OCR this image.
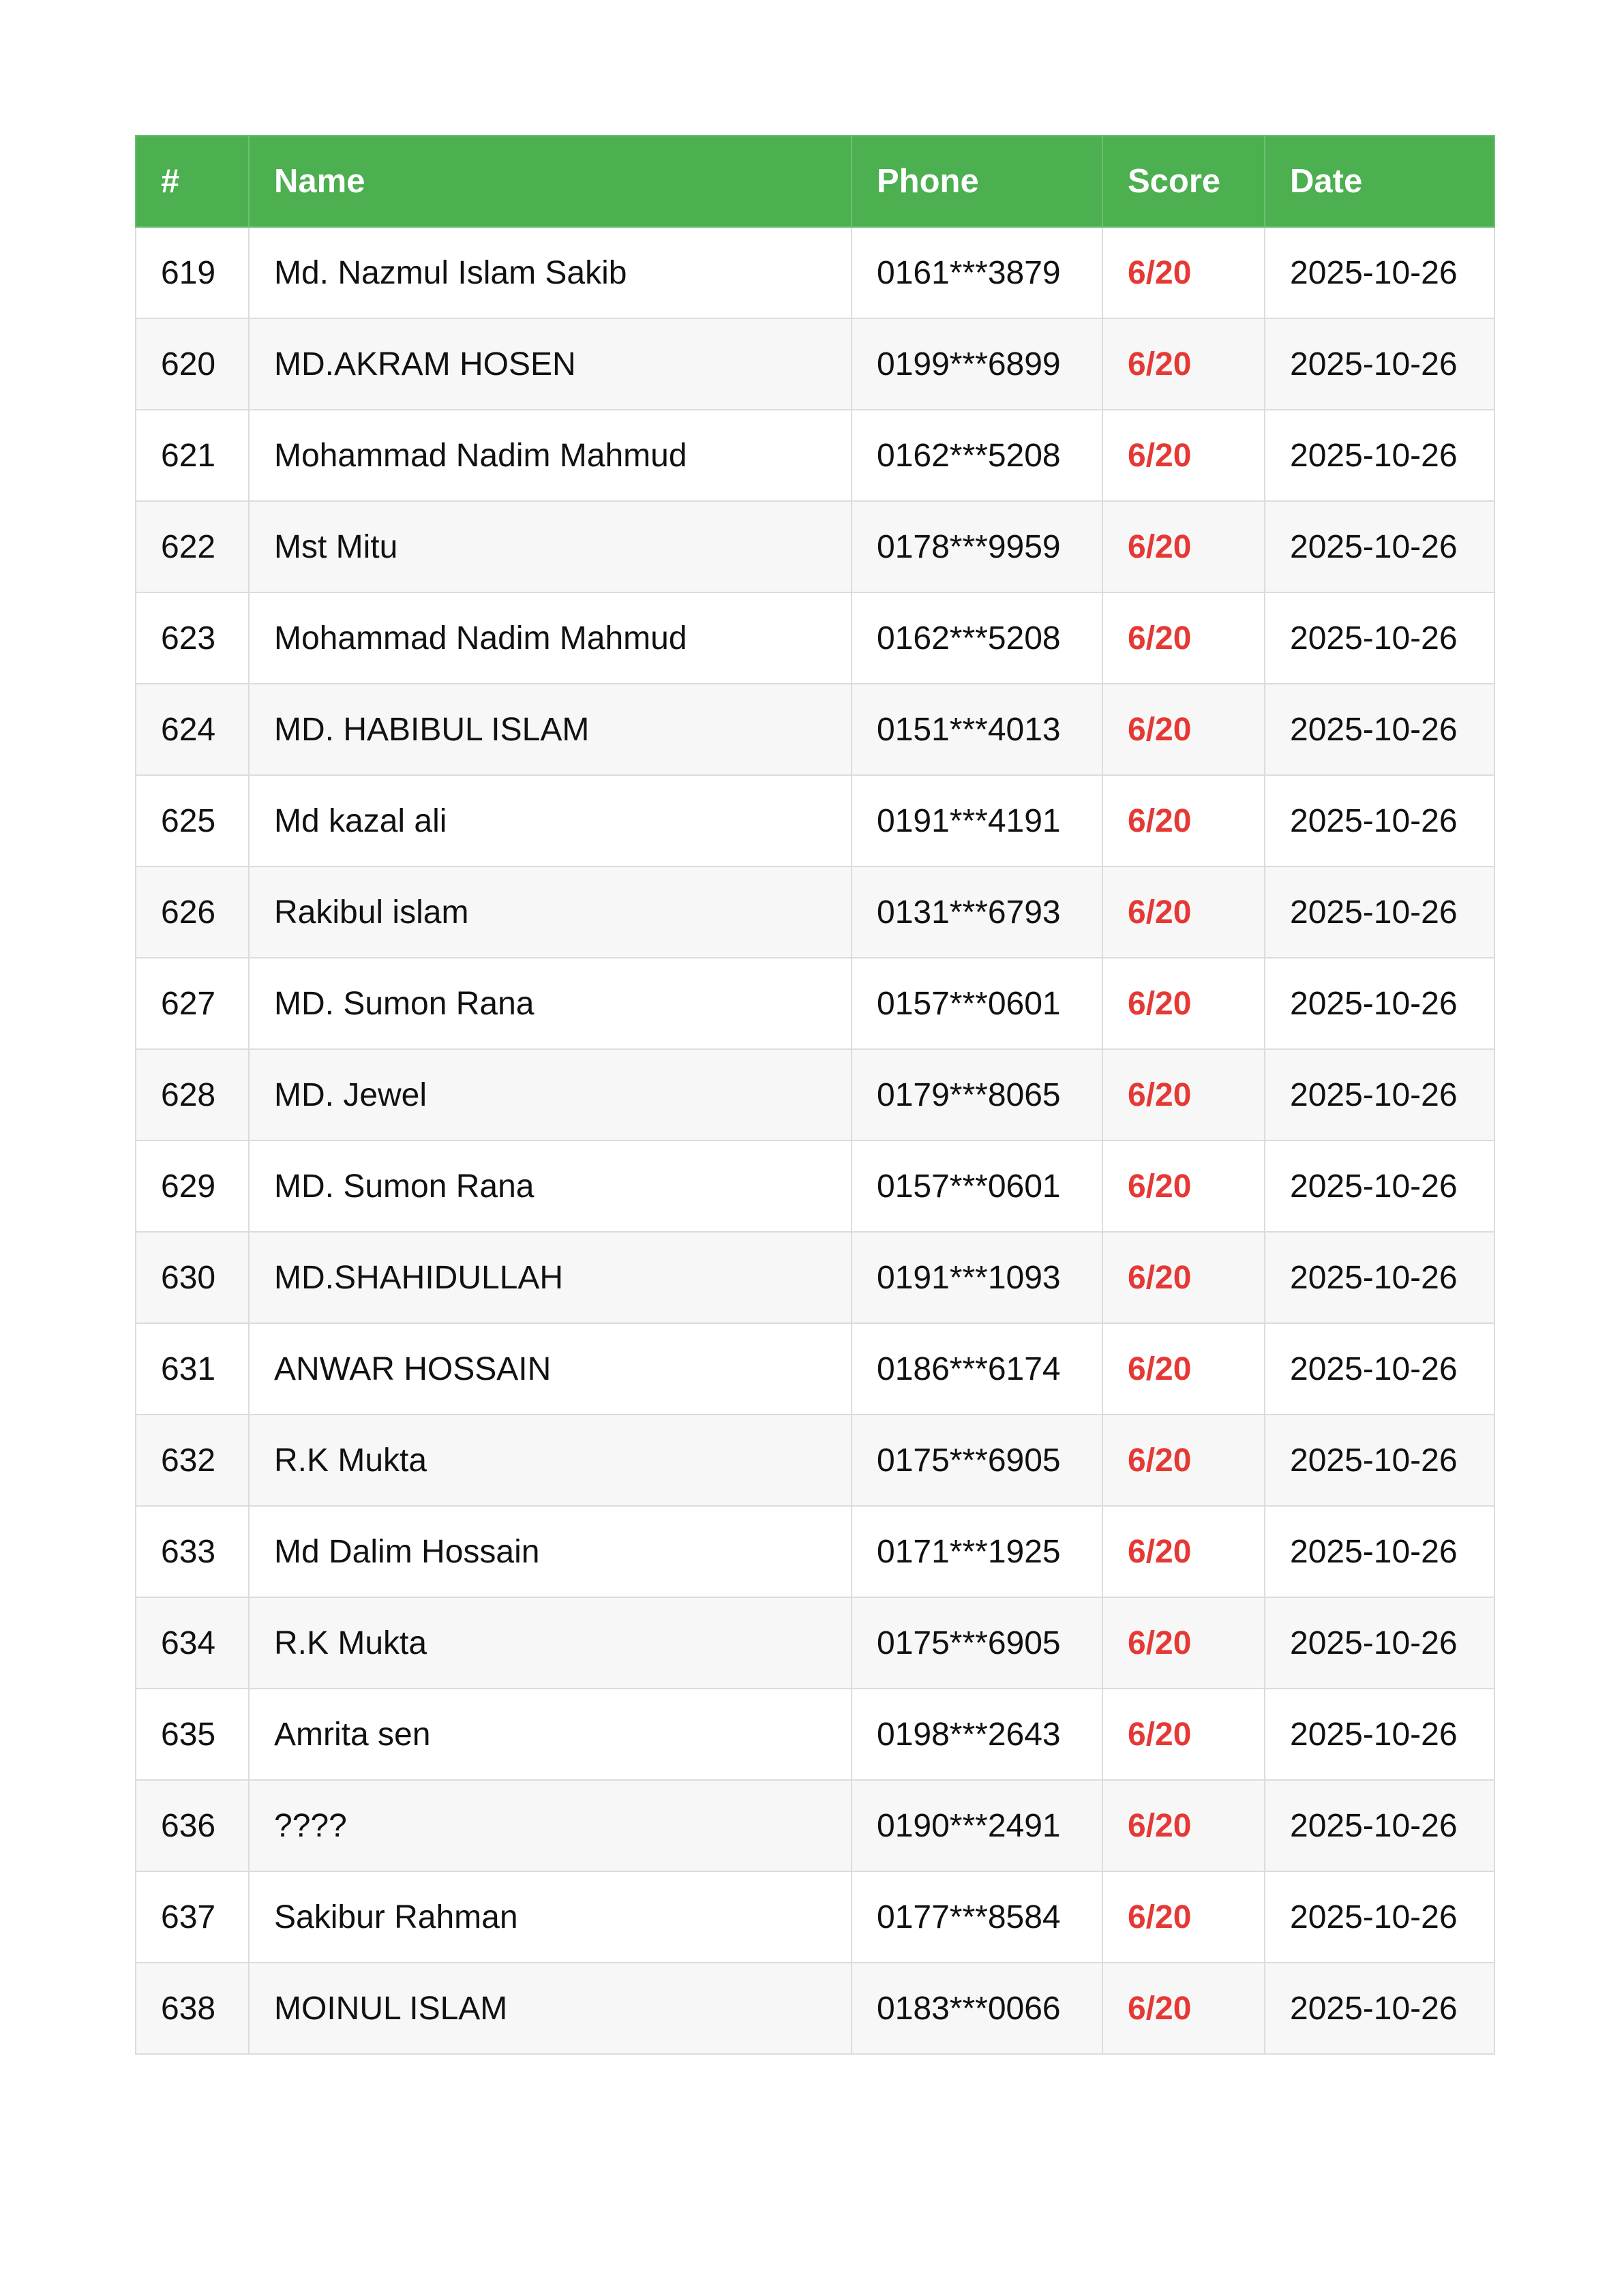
#	Name	Phone	Score	Date
619	Md. Nazmul Islam Sakib	0161***3879	6/20	2025-10-26
620	MD.AKRAM HOSEN	0199***6899	6/20	2025-10-26
621	Mohammad Nadim Mahmud	0162***5208	6/20	2025-10-26
622	Mst Mitu	0178***9959	6/20	2025-10-26
623	Mohammad Nadim Mahmud	0162***5208	6/20	2025-10-26
624	MD. HABIBUL ISLAM	0151***4013	6/20	2025-10-26
625	Md kazal ali	0191***4191	6/20	2025-10-26
626	Rakibul islam	0131***6793	6/20	2025-10-26
627	MD. Sumon Rana	0157***0601	6/20	2025-10-26
628	MD. Jewel	0179***8065	6/20	2025-10-26
629	MD. Sumon Rana	0157***0601	6/20	2025-10-26
630	MD.SHAHIDULLAH	0191***1093	6/20	2025-10-26
631	ANWAR HOSSAIN	0186***6174	6/20	2025-10-26
632	R.K Mukta	0175***6905	6/20	2025-10-26
633	Md Dalim Hossain	0171***1925	6/20	2025-10-26
634	R.K Mukta	0175***6905	6/20	2025-10-26
635	Amrita sen	0198***2643	6/20	2025-10-26
636	????	0190***2491	6/20	2025-10-26
637	Sakibur Rahman	0177***8584	6/20	2025-10-26
638	MOINUL ISLAM	0183***0066	6/20	2025-10-26
